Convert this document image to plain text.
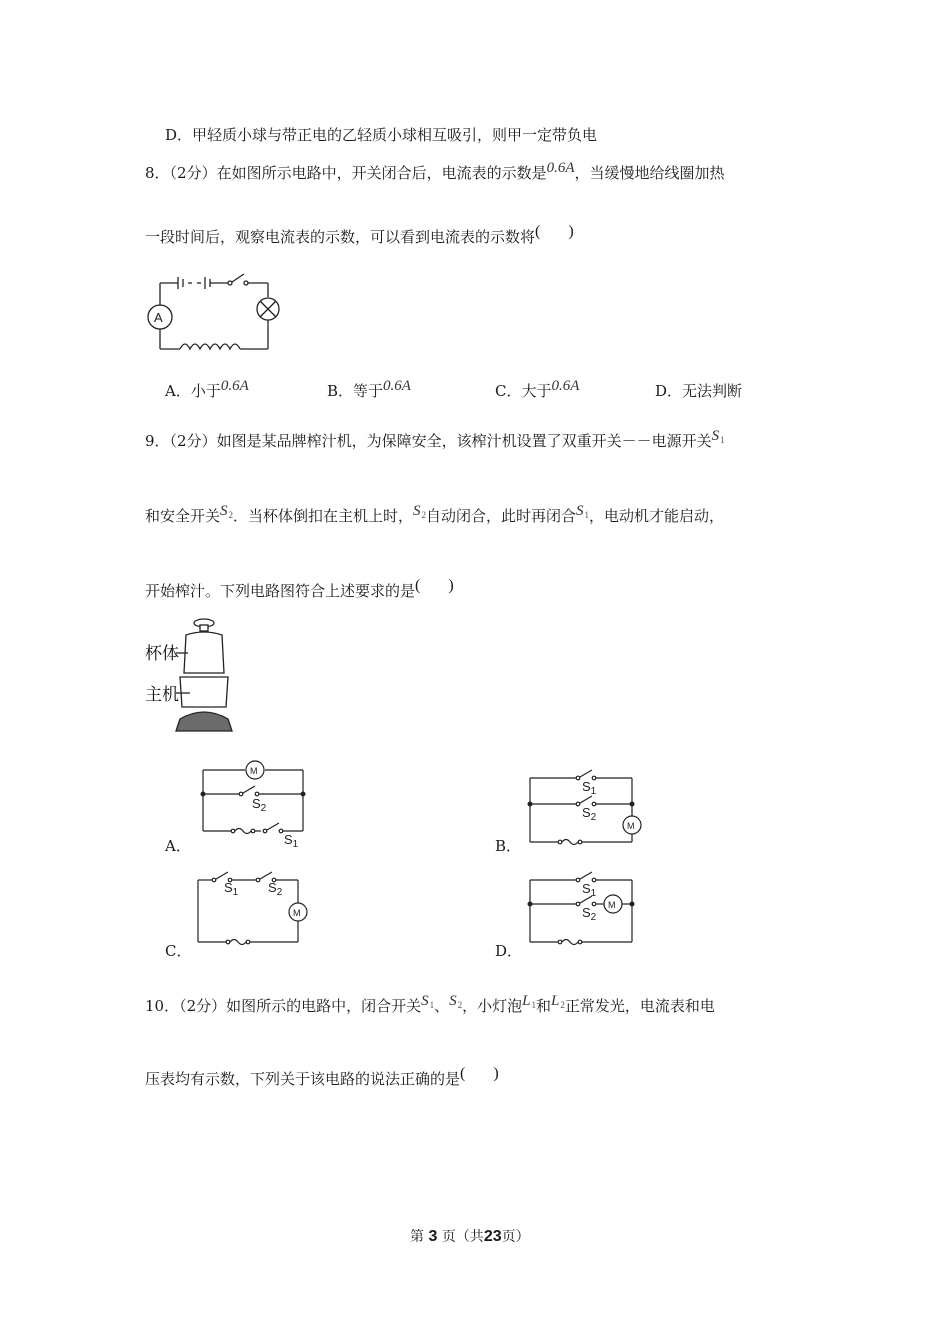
D．甲轻质小球与带正电的乙轻质小球相互吸引，则甲一定带负电
8．（2分）在如图所示电路中，开关闭合后，电流表的示数是0.6A，当缓慢地给线圈加热
一段时间后，观察电流表的示数，可以看到电流表的示数将(       )
A
A．小于0.6A	B．等于0.6A	C．大于0.6A	D．无法判断
9．（2分）如图是某品牌榨汁机，为保障安全，该榨汁机设置了双重开关－－电源开关$S_1$
和安全开关$S_2$．当杯体倒扣在主机上时，$S_2$自动闭合，此时再闭合$S_1$，电动机才能启动，
开始榨汁。下列电路图符合上述要求的是(       )
杯体
主机
M
$S_2$
$S_1$
A．
$S_1$
$S_2$
M
B．
$S_1$ $S_2$
M
C．
$S_1$
$S_2$
M
D．
10．（2分）如图所示的电路中，闭合开关$S_1$、$S_2$，小灯泡$L_1$和$L_2$正常发光，电流表和电
压表均有示数，下列关于该电路的说法正确的是(       )
第 3 页（共23页）
